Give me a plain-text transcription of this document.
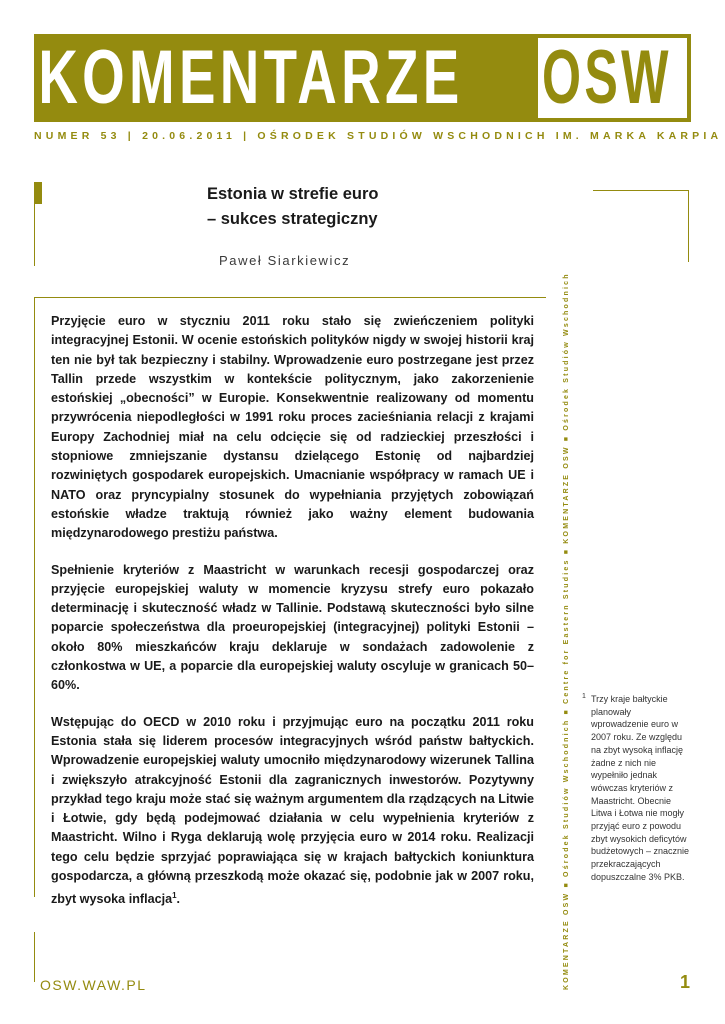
KOMENTARZE OSW
NUMER 53 | 20.06.2011 | OŚRODEK STUDIÓW WSCHODNICH IM. MARKA KARPIA
Estonia w strefie euro
– sukces strategiczny
Paweł Siarkiewicz

Przyjęcie euro w styczniu 2011 roku stało się zwieńczeniem polityki integracyjnej Estonii. W ocenie estońskich polityków nigdy w swojej historii kraj ten nie był tak bezpieczny i stabilny. Wprowadzenie euro postrzegane jest przez Tallin przede wszystkim w kontekście politycznym, jako zakorzenienie estońskiej „obecności” w Europie. Konsekwentnie realizowany od momentu przywrócenia niepodległości w 1991 roku proces zacieśniania relacji z krajami Europy Zachodniej miał na celu odcięcie się od radzieckiej przeszłości i stopniowe zmniejszanie dystansu dzielącego Estonię od najbardziej rozwiniętych gospodarek europejskich. Umacnianie współpracy w ramach UE i NATO oraz pryncypialny stosunek do wypełniania przyjętych zobowiązań estońskie władze traktują również jako ważny element budowania międzynarodowego prestiżu państwa.

Spełnienie kryteriów z Maastricht w warunkach recesji gospodarczej oraz przyjęcie europejskiej waluty w momencie kryzysu strefy euro pokazało determinację i skuteczność władz w Tallinie. Podstawą skuteczności było silne poparcie społeczeństwa dla proeuropejskiej (integracyjnej) polityki Estonii – około 80% mieszkańców kraju deklaruje w sondażach zadowolenie z członkostwa w UE, a poparcie dla europejskiej waluty oscyluje w granicach 50–60%.

Wstępując do OECD w 2010 roku i przyjmując euro na początku 2011 roku Estonia stała się liderem procesów integracyjnych wśród państw bałtyckich. Wprowadzenie europejskiej waluty umocniło międzynarodowy wizerunek Tallina i zwiększyło atrakcyjność Estonii dla zagranicznych inwestorów. Pozytywny przykład tego kraju może stać się ważnym argumentem dla rządzących na Litwie i Łotwie, gdy będą podejmować działania w celu wypełnienia kryteriów z Maastricht. Wilno i Ryga deklarują wolę przyjęcia euro w 2014 roku. Realizacji tego celu będzie sprzyjać poprawiająca się w krajach bałtyckich koniunktura gospodarcza, a główną przeszkodą może okazać się, podobnie jak w 2007 roku, zbyt wysoka inflacja$^1$.	KOMENTARZE OSW ■ Ośrodek Studiów Wschodnich ■ Centre for Eastern Studies ■ KOMENTARZE OSW ■ Ośrodek Studiów Wschodnich	1 Trzy kraje bałtyckie planowały wprowadzenie euro w 2007 roku. Ze względu na zbyt wysoką inflację żadne z nich nie wypełniło jednak wówczas kryteriów z Maastricht. Obecnie Litwa i Łotwa nie mogły przyjąć euro z powodu zbyt wysokich deficytów budżetowych – znacznie przekraczających dopuszczalne 3% PKB.
OSW.WAW.PL	1
